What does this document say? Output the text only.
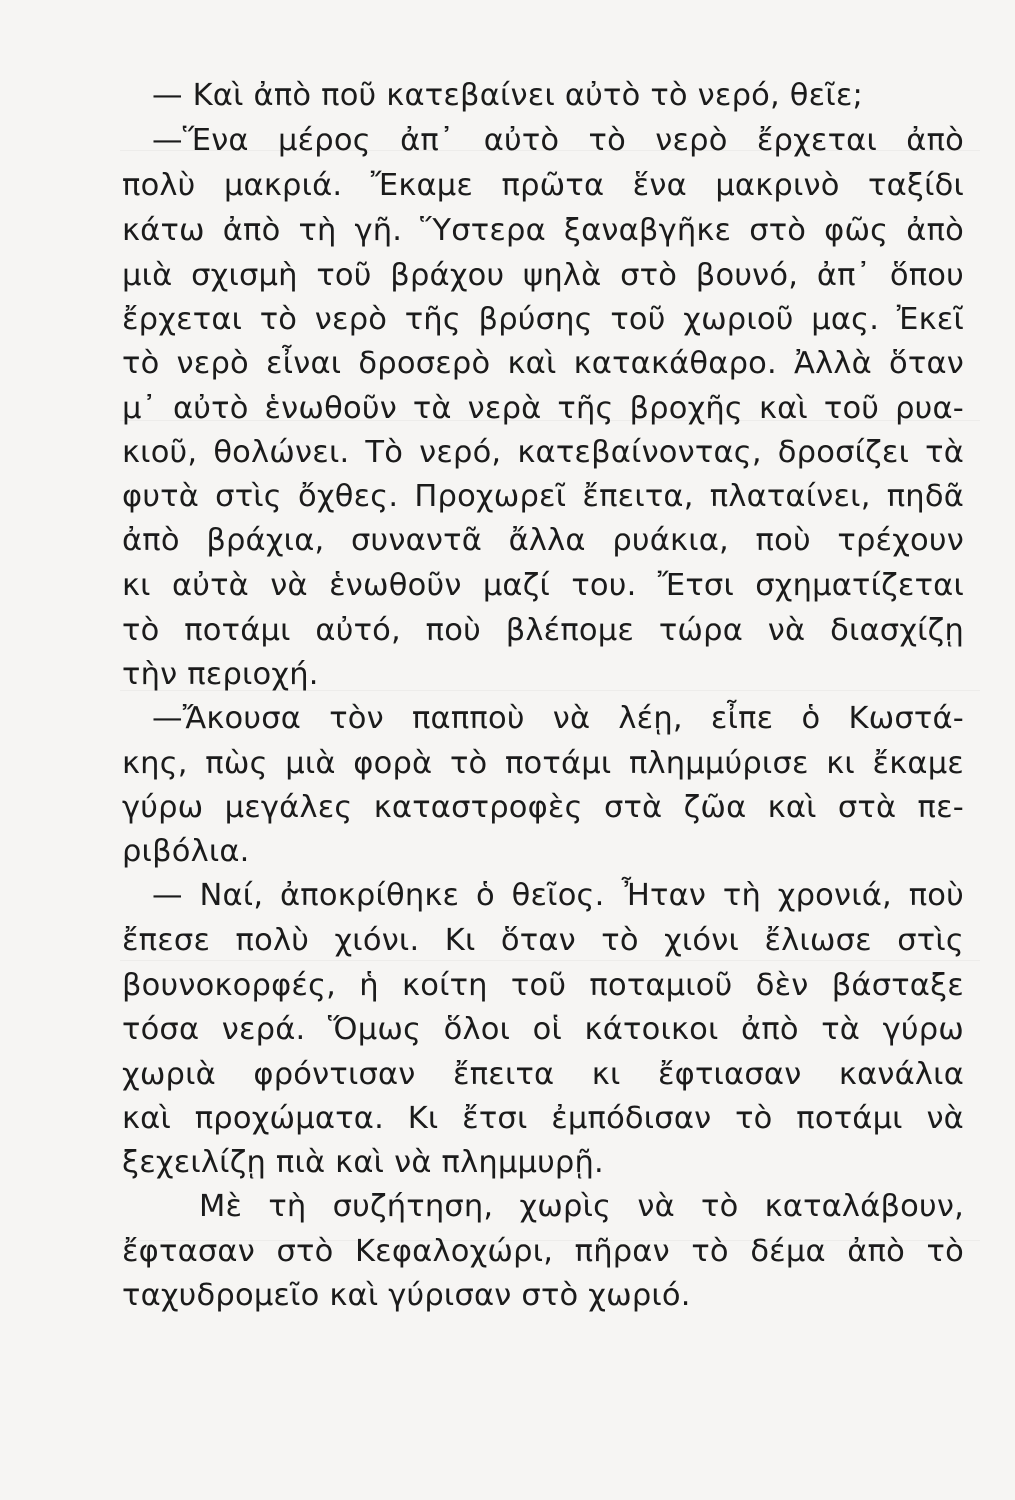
— Καὶ ἀπὸ ποῦ κατεβαίνει αὐτὸ τὸ νερό, θεῖε;
—Ἕνα μέρος ἀπ᾽ αὐτὸ τὸ νερὸ ἔρχεται ἀπὸ
πολὺ μακριά. Ἔκαμε πρῶτα ἕνα μακρινὸ ταξίδι
κάτω ἀπὸ τὴ γῆ. Ὕστερα ξαναβγῆκε στὸ φῶς ἀπὸ
μιὰ σχισμὴ τοῦ βράχου ψηλὰ στὸ βουνό, ἀπ᾽ ὅπου
ἔρχεται τὸ νερὸ τῆς βρύσης τοῦ χωριοῦ μας. Ἐκεῖ
τὸ νερὸ εἶναι δροσερὸ καὶ κατακάθαρο. Ἀλλὰ ὅταν
μ᾽ αὐτὸ ἑνωθοῦν τὰ νερὰ τῆς βροχῆς καὶ τοῦ ρυα-
κιοῦ, θολώνει. Τὸ νερό, κατεβαίνοντας, δροσίζει τὰ
φυτὰ στὶς ὄχθες. Προχωρεῖ ἔπειτα, πλαταίνει, πηδᾶ
ἀπὸ βράχια, συναντᾶ ἄλλα ρυάκια, ποὺ τρέχουν
κι αὐτὰ νὰ ἑνωθοῦν μαζί του. Ἔτσι σχηματίζεται
τὸ ποτάμι αὐτό, ποὺ βλέπομε τώρα νὰ διασχίζῃ
τὴν περιοχή.
—Ἄκουσα τὸν παπποὺ νὰ λέῃ, εἶπε ὁ Κωστά-
κης, πὼς μιὰ φορὰ τὸ ποτάμι πλημμύρισε κι ἔκαμε
γύρω μεγάλες καταστροφὲς στὰ ζῶα καὶ στὰ πε-
ριβόλια.
— Ναί, ἀποκρίθηκε ὁ θεῖος. Ἦταν τὴ χρονιά, ποὺ
ἔπεσε πολὺ χιόνι. Κι ὅταν τὸ χιόνι ἔλιωσε στὶς
βουνοκορφές, ἡ κοίτη τοῦ ποταμιοῦ δὲν βάσταξε
τόσα νερά. Ὅμως ὅλοι οἱ κάτοικοι ἀπὸ τὰ γύρω
χωριὰ φρόντισαν ἔπειτα κι ἔφτιασαν κανάλια
καὶ προχώματα. Κι ἔτσι ἐμπόδισαν τὸ ποτάμι νὰ
ξεχειλίζῃ πιὰ καὶ νὰ πλημμυρῇ.
Μὲ τὴ συζήτηση, χωρὶς νὰ τὸ καταλάβουν,
ἔφτασαν στὸ Κεφαλοχώρι, πῆραν τὸ δέμα ἀπὸ τὸ
ταχυδρομεῖο καὶ γύρισαν στὸ χωριό.
